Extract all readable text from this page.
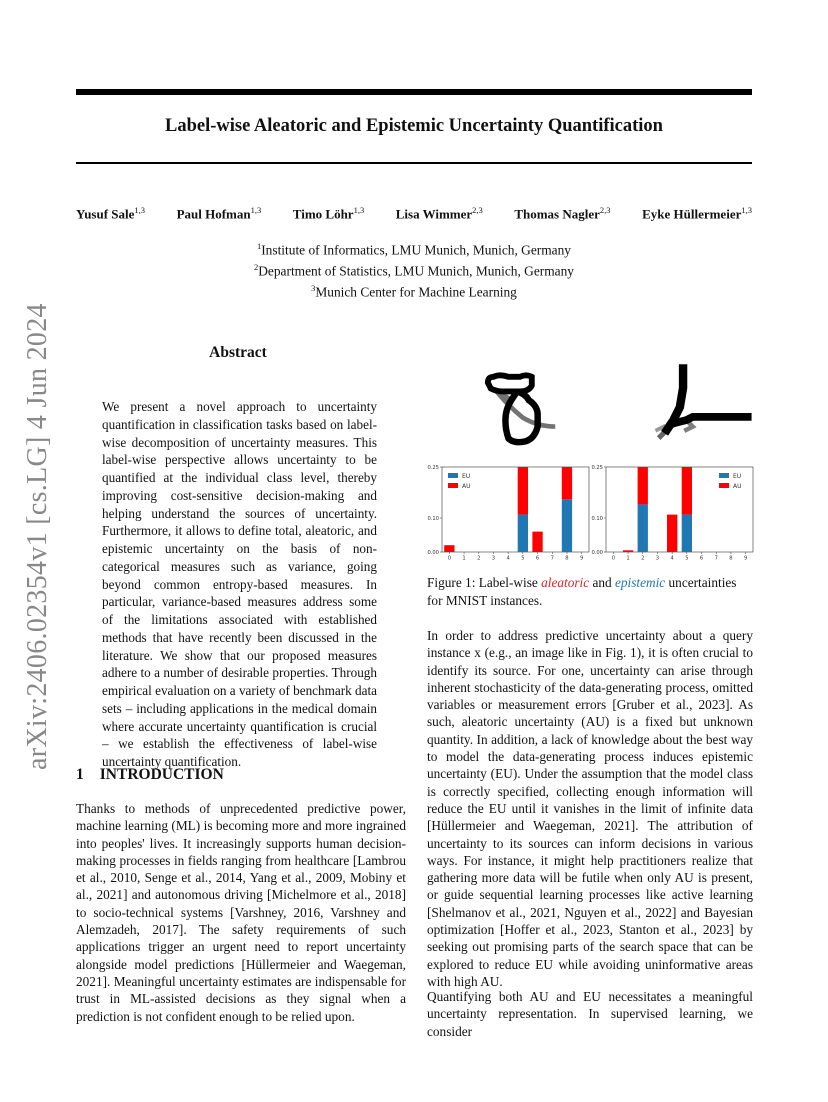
Label-wise Aleatoric and Epistemic Uncertainty Quantification
Yusuf Sale$^{1,3}$ Paul Hofman$^{1,3}$ Timo Löhr$^{1,3}$ Lisa Wimmer$^{2,3}$ Thomas Nagler$^{2,3}$ Eyke Hüllermeier$^{1,3}$
$^1$Institute of Informatics, LMU Munich, Munich, Germany
$^2$Department of Statistics, LMU Munich, Munich, Germany
$^3$Munich Center for Machine Learning
arXiv:2406.02354v1 [cs.LG] 4 Jun 2024	Abstract
We present a novel approach to uncertainty quantification in classification tasks based on label-wise decomposition of uncertainty measures. This label-wise perspective allows uncertainty to be quantified at the individual class level, thereby improving cost-sensitive decision-making and helping understand the sources of uncertainty. Furthermore, it allows to define total, aleatoric, and epistemic uncertainty on the basis of non-categorical measures such as variance, going beyond common entropy-based measures. In particular, variance-based measures address some of the limitations associated with established methods that have recently been discussed in the literature. We show that our proposed measures adhere to a number of desirable properties. Through empirical evaluation on a variety of benchmark data sets – including applications in the medical domain where accurate uncertainty quantification is crucial – we establish the effectiveness of label-wise uncertainty quantification.
1 INTRODUCTION
Thanks to methods of unprecedented predictive power, machine learning (ML) is becoming more and more ingrained into peoples' lives. It increasingly supports human decision-making processes in fields ranging from healthcare [Lambrou et al., 2010, Senge et al., 2014, Yang et al., 2009, Mobiny et al., 2021] and autonomous driving [Michelmore et al., 2018] to socio-technical systems [Varshney, 2016, Varshney and Alemzadeh, 2017]. The safety requirements of such applications trigger an urgent need to report uncertainty alongside model predictions [Hüllermeier and Waegeman, 2021]. Meaningful uncertainty estimates are indispensable for trust in ML-assisted decisions as they signal when a prediction is not confident enough to be relied upon.
0.00
0.10
0.25
0 1 2 3 4 5 6 7 8 9
EU
AU
0.00
0.10
0.25
0 1 2 3 4 5 6 7 8 9
EU
AU
Figure 1: Label-wise aleatoric and epistemic uncertainties for MNIST instances.
In order to address predictive uncertainty about a query instance x (e.g., an image like in Fig. 1), it is often crucial to identify its source. For one, uncertainty can arise through inherent stochasticity of the data-generating process, omitted variables or measurement errors [Gruber et al., 2023]. As such, aleatoric uncertainty (AU) is a fixed but unknown quantity. In addition, a lack of knowledge about the best way to model the data-generating process induces epistemic uncertainty (EU). Under the assumption that the model class is correctly specified, collecting enough information will reduce the EU until it vanishes in the limit of infinite data [Hüllermeier and Waegeman, 2021]. The attribution of uncertainty to its sources can inform decisions in various ways. For instance, it might help practitioners realize that gathering more data will be futile when only AU is present, or guide sequential learning processes like active learning [Shelmanov et al., 2021, Nguyen et al., 2022] and Bayesian optimization [Hoffer et al., 2023, Stanton et al., 2023] by seeking out promising parts of the search space that can be explored to reduce EU while avoiding uninformative areas with high AU.
Quantifying both AU and EU necessitates a meaningful uncertainty representation. In supervised learning, we consider
